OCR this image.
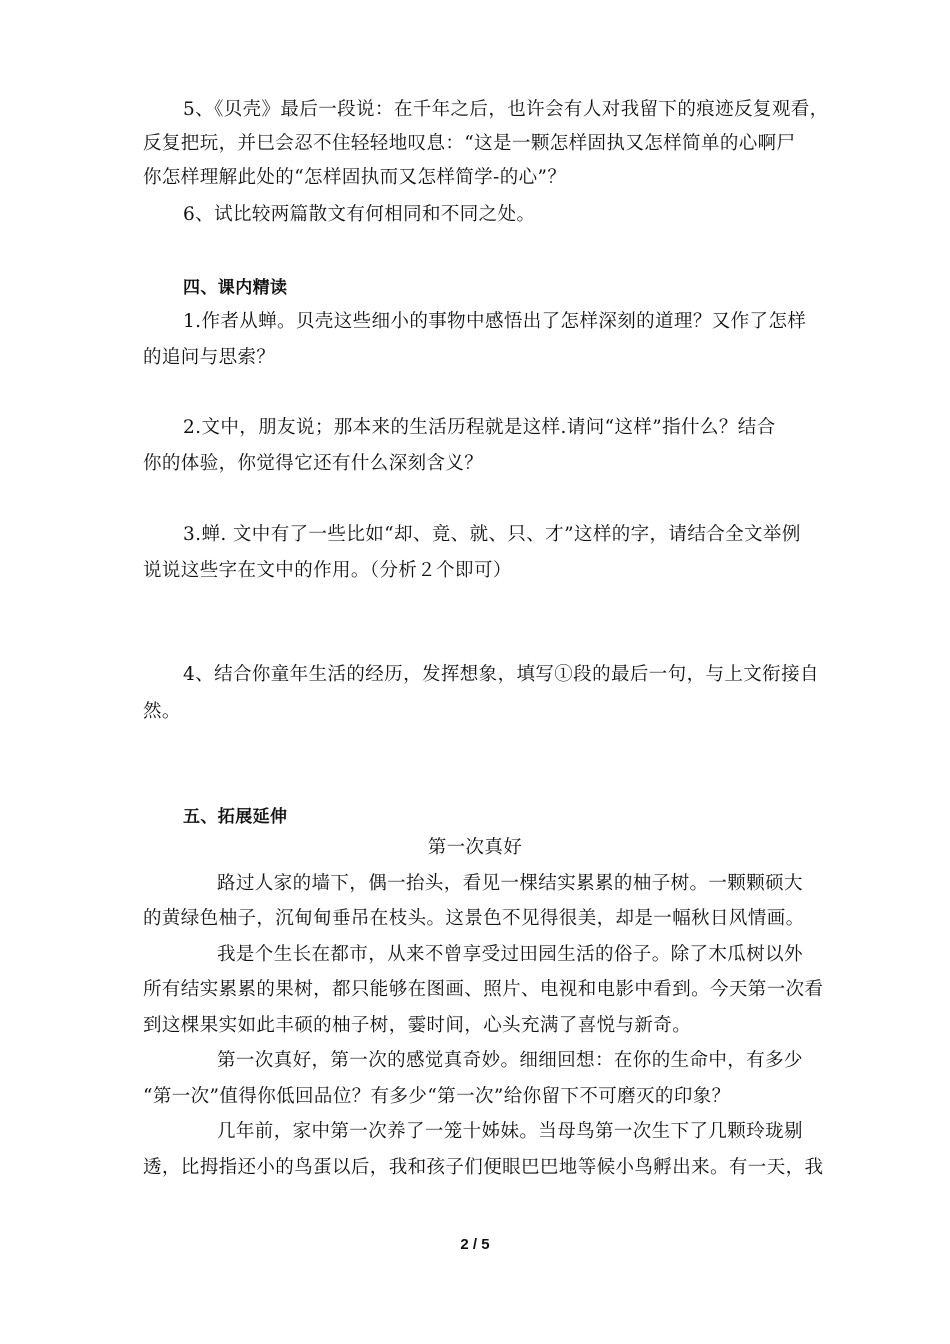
5、《贝壳》最后一段说：在千年之后，也许会有人对我留下的痕迹反复观看，
反复把玩，并巳会忍不住轻轻地叹息：“这是一颗怎样固执又怎样简单的心啊尸
你怎样理解此处的“怎样固执而又怎样简学-的心”？
6、试比较两篇散文有何相同和不同之处。
1.作者从蝉。贝壳这些细小的事物中感悟出了怎样深刻的道理？又作了怎样
的追问与思索？
2.文中，朋友说；那本来的生活历程就是这样.请问“这样”指什么？结合
你的体验，你觉得它还有什么深刻含义？
3.蝉. 文中有了一些比如“却、竟、就、只、才”这样的字，请结合全文举例
说说这些字在文中的作用。（分析２个即可）
4、结合你童年生活的经历，发挥想象，填写①段的最后一句，与上文衔接自
然。
路过人家的墙下，偶一抬头，看见一棵结实累累的柚子树。一颗颗硕大
的黄绿色柚子，沉甸甸垂吊在枝头。这景色不见得很美，却是一幅秋日风情画。
我是个生长在都市，从来不曾享受过田园生活的俗子。除了木瓜树以外
所有结实累累的果树，都只能够在图画、照片、电视和电影中看到。今天第一次看
到这棵果实如此丰硕的柚子树，霎时间，心头充满了喜悦与新奇。
第一次真好，第一次的感觉真奇妙。细细回想：在你的生命中，有多少
“第一次”值得你低回品位？有多少“第一次”给你留下不可磨灭的印象？
几年前，家中第一次养了一笼十姊妹。当母鸟第一次生下了几颗玲珑剔
透，比拇指还小的鸟蛋以后，我和孩子们便眼巴巴地等候小鸟孵出来。有一天，我
四、课内精读
五、拓展延伸
第一次真好
2 / 5
